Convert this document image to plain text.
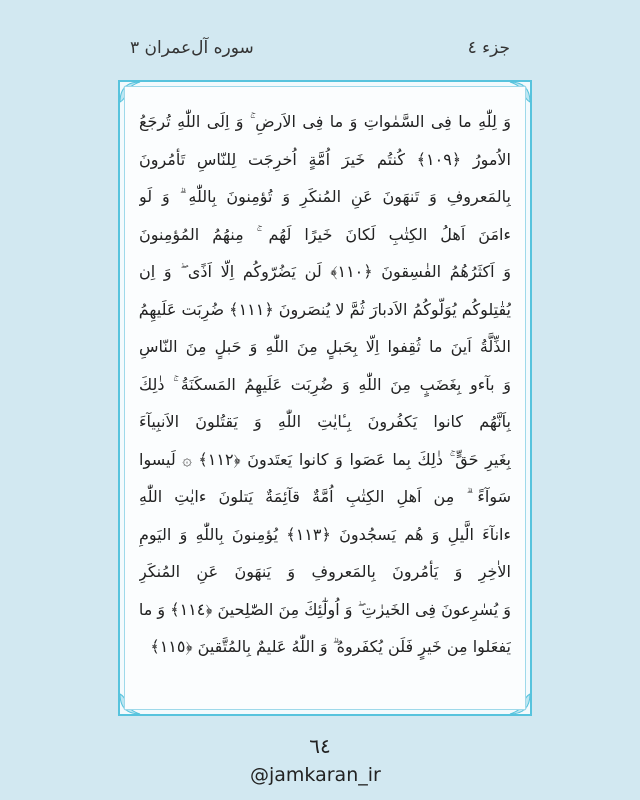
جزء ٤
سوره آل‌عمران ٣
وَ لِلّٰهِ ما فِی السَّمٰواتِ وَ ما فِی الاَرضِ ۚ وَ اِلَی اللّٰهِ تُرجَعُ
الاُمورُ ﴿١٠٩﴾ كُنتُم خَیرَ اُمَّةٍ اُخرِجَت لِلنّاسِ تَأمُرونَ
بِالمَعروفِ وَ تَنهَونَ عَنِ المُنكَرِ وَ تُؤمِنونَ بِاللّٰهِ ۗ وَ لَو
ءامَنَ اَهلُ الكِتٰبِ لَكانَ خَیرًا لَهُم ۚ مِنهُمُ المُؤمِنونَ
وَ اَكثَرُهُمُ الفٰسِقونَ ﴿١١٠﴾ لَن یَضُرّوكُم اِلّا اَذًی ۖ وَ اِن
یُقٰتِلوكُم یُوَلّوكُمُ الاَدبارَ ثُمَّ لا یُنصَرونَ ﴿١١١﴾ ضُرِبَت عَلَیهِمُ
الذِّلَّةُ اَینَ ما ثُقِفوا اِلّا بِحَبلٍ مِنَ اللّٰهِ وَ حَبلٍ مِنَ النّاسِ
وَ بآءو بِغَضَبٍ مِنَ اللّٰهِ وَ ضُرِبَت عَلَیهِمُ المَسكَنَةُ ۚ ذٰلِكَ
بِاَنَّهُم كانوا یَكفُرونَ بِـٔایٰتِ اللّٰهِ وَ یَقتُلونَ الاَنبِیآءَ
بِغَیرِ حَقٍّ ۚ ذٰلِكَ بِما عَصَوا وَ كانوا یَعتَدونَ ﴿١١٢﴾ ۞ لَیسوا
سَوآءً ۗ مِن اَهلِ الكِتٰبِ اُمَّةٌ قآئِمَةٌ یَتلونَ ءایٰتِ اللّٰهِ
ءانآءَ الَّیلِ وَ هُم یَسجُدونَ ﴿١١٣﴾ یُؤمِنونَ بِاللّٰهِ وَ الیَومِ
الاٰخِرِ وَ یَأمُرونَ بِالمَعروفِ وَ یَنهَونَ عَنِ المُنكَرِ
وَ یُسٰرِعونَ فِی الخَیرٰتِ ۖ وَ اُولٰٓئِكَ مِنَ الصّٰلِحینَ ﴿١١٤﴾ وَ ما
یَفعَلوا مِن خَیرٍ فَلَن یُكفَروهُ ۗ وَ اللّٰهُ عَلیمٌ بِالمُتَّقینَ ﴿١١٥﴾
٦٤
@jamkaran_ir
